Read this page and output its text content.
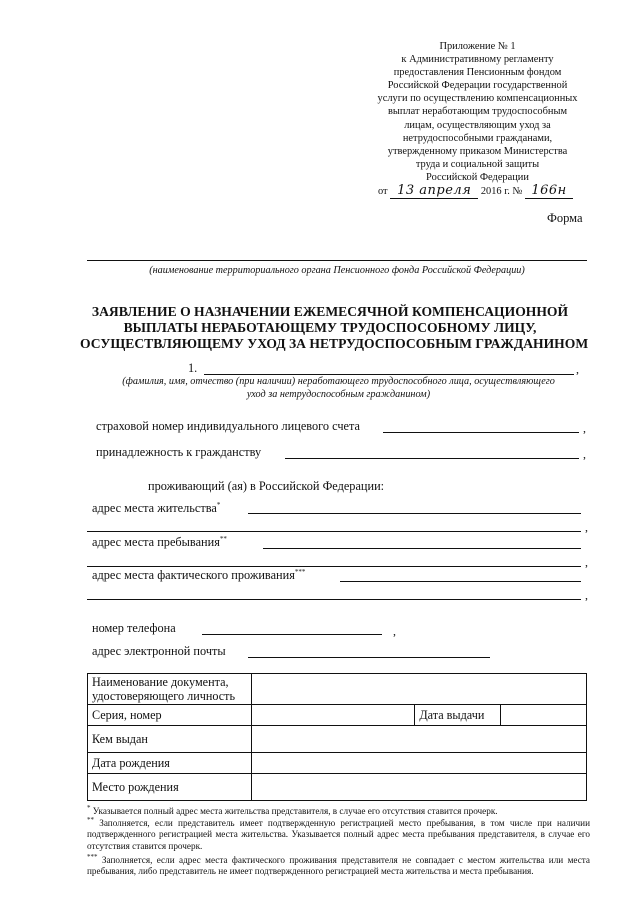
Приложение № 1
к Административному регламенту
предоставления Пенсионным фондом
Российской Федерации государственной
услуги по осуществлению компенсационных
выплат неработающим трудоспособным
лицам, осуществляющим уход за
нетрудоспособными гражданами,
утвержденному приказом Министерства
труда и социальной защиты
Российской Федерации
от 13 апреля 2016 г. № 166н
Форма
(наименование территориального органа Пенсионного фонда Российской Федерации)
ЗАЯВЛЕНИЕ О НАЗНАЧЕНИИ ЕЖЕМЕСЯЧНОЙ КОМПЕНСАЦИОННОЙ
ВЫПЛАТЫ НЕРАБОТАЮЩЕМУ ТРУДОСПОСОБНОМУ ЛИЦУ,
ОСУЩЕСТВЛЯЮЩЕМУ УХОД ЗА НЕТРУДОСПОСОБНЫМ ГРАЖДАНИНОМ
1.	,
(фамилия, имя, отчество (при наличии) неработающего трудоспособного лица, осуществляющего
уход за нетрудоспособным гражданином)
страховой номер индивидуального лицевого счета	,
принадлежность к гражданству	,
проживающий (ая) в Российской Федерации:
адрес места жительства*
,
адрес места пребывания**
,
адрес места фактического проживания***
,
номер телефона	,
адрес электронной почты
Наименование документа, удостоверяющего личность			
Серия, номер		Дата выдачи	
Кем выдан			
Дата рождения			
Место рождения			
* Указывается полный адрес места жительства представителя, в случае его отсутствия ставится прочерк.
** Заполняется, если представитель имеет подтвержденную регистрацией место пребывания, в том числе при наличии подтвержденного регистрацией места жительства. Указывается полный адрес места пребывания представителя, в случае его отсутствия ставится прочерк.
*** Заполняется, если адрес места фактического проживания представителя не совпадает с местом жительства или места пребывания, либо представитель не имеет подтвержденного регистрацией места жительства и места пребывания.
